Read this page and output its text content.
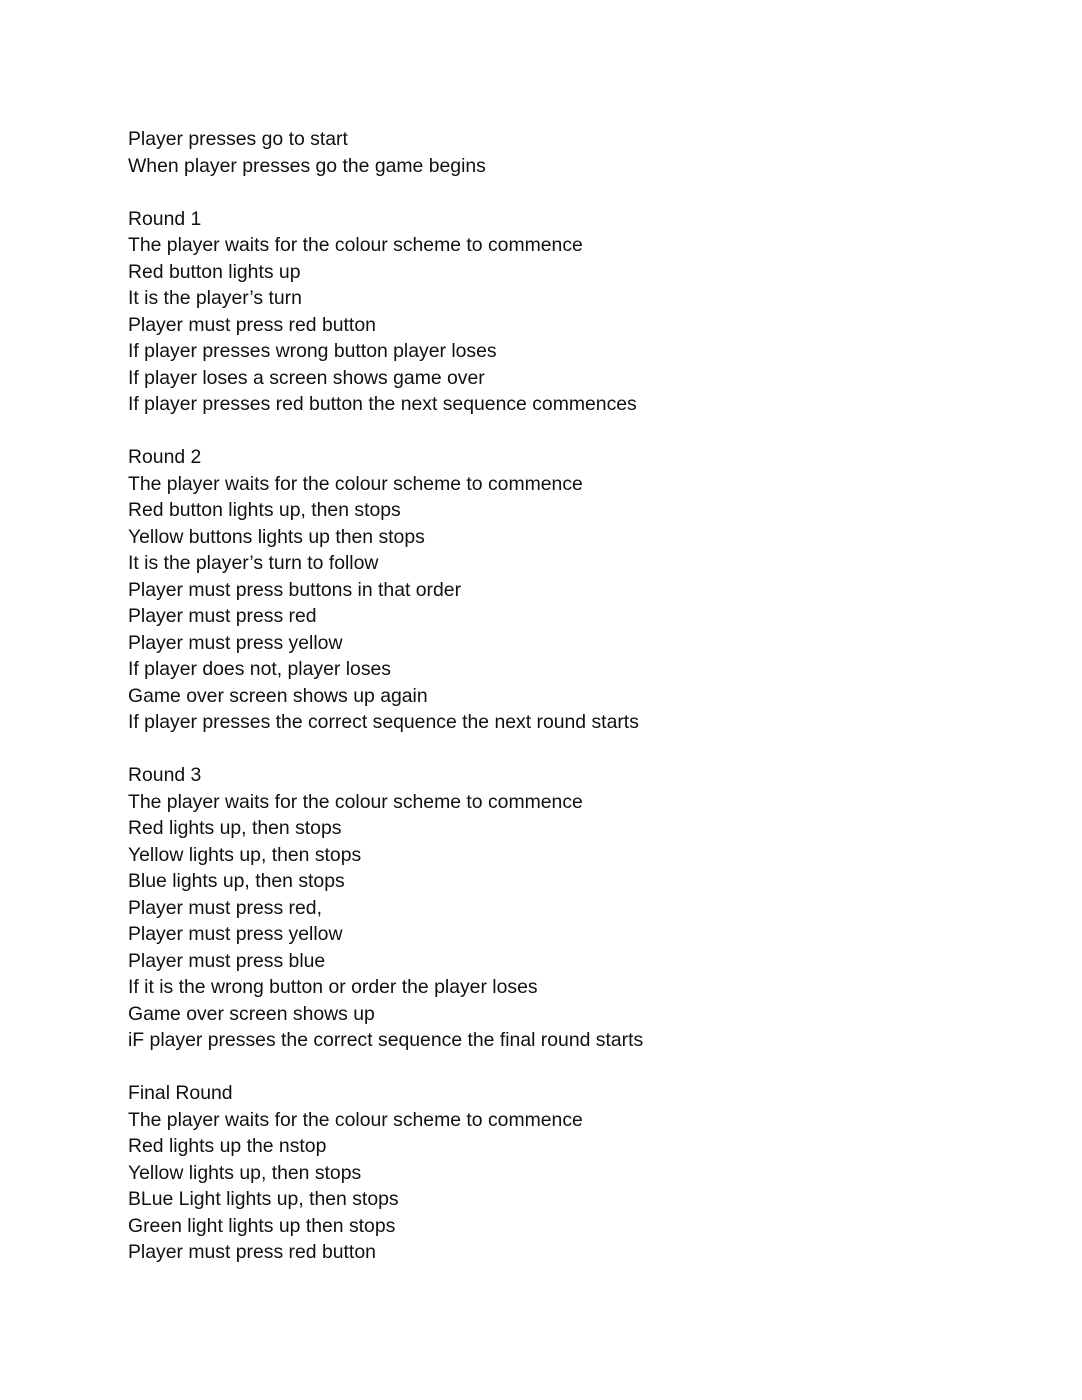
Player presses go to start
When player presses go the game begins
Round 1
The player waits for the colour scheme to commence
Red button lights up
It is the player’s turn
Player must press red button
If player presses wrong button player loses
If player loses a screen shows game over
If player presses red button the next sequence commences
Round 2
The player waits for the colour scheme to commence
Red button lights up, then stops
Yellow buttons lights up then stops
It is the player’s turn to follow
Player must press buttons in that order
Player must press red
Player must press yellow
If player does not, player loses
Game over screen shows up again
If player presses the correct sequence the next round starts
Round 3
The player waits for the colour scheme to commence
Red lights up, then stops
Yellow lights up, then stops
Blue lights up, then stops
Player must press red,
Player must press yellow
Player must press blue
If it is the wrong button or order the player loses
Game over screen shows up
iF player presses the correct sequence the final round starts
Final Round
The player waits for the colour scheme to commence
Red lights up the nstop
Yellow lights up, then stops
BLue Light lights up, then stops
Green light lights up then stops
Player must press red button
